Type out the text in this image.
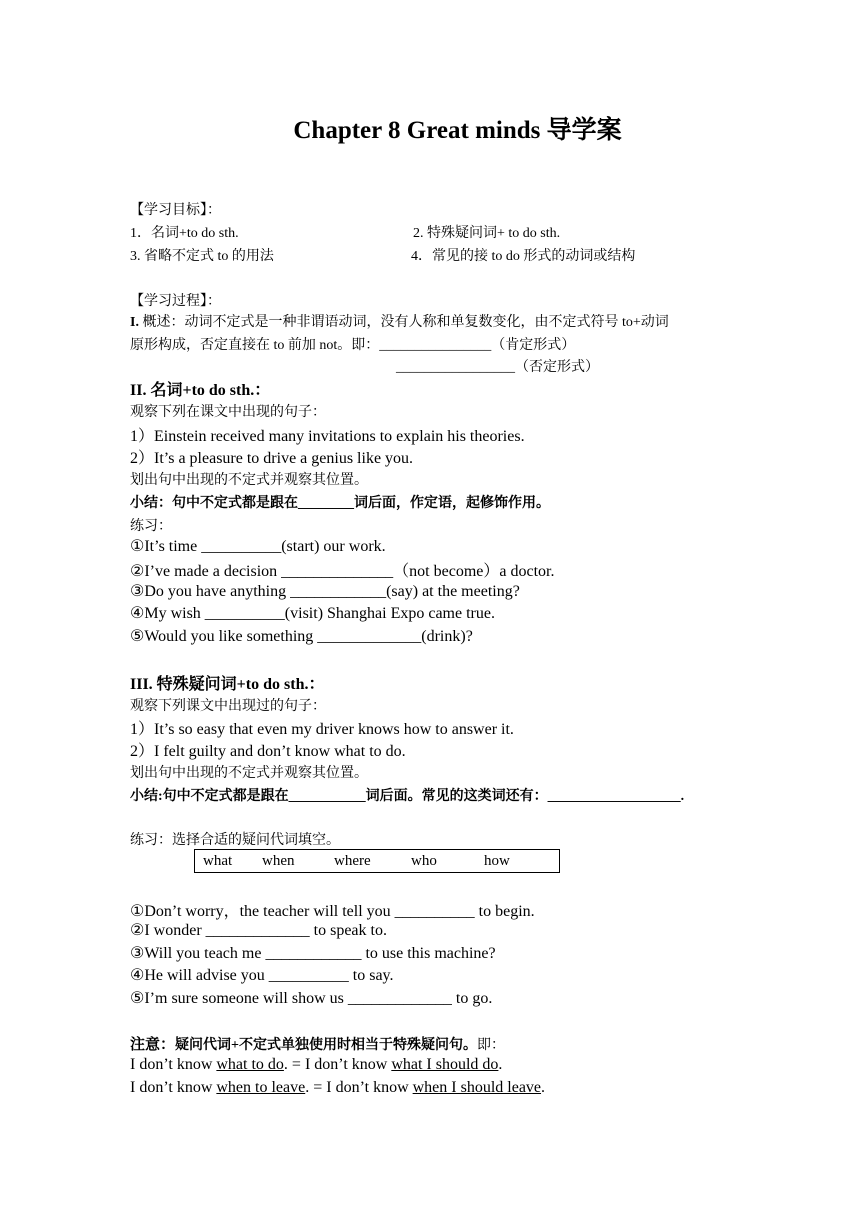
Chapter 8 Great minds 导学案
【学习目标】：
1．名词+to do sth.	2. 特殊疑问词+ to do sth.
3. 省略不定式 to 的用法	4．常见的接 to do 形式的动词或结构
【学习过程】：
I. 概述：动词不定式是一种非谓语动词，没有人称和单复数变化，由不定式符号 to+动词
原形构成，否定直接在 to 前加 not。即：________________（肯定形式）
_________________（否定形式）
II. 名词+to do sth.：
观察下列在课文中出现的句子：
1）Einstein received many invitations to explain his theories.
2）It’s a pleasure to drive a genius like you.
划出句中出现的不定式并观察其位置。
小结：句中不定式都是跟在________词后面，作定语，起修饰作用。
练习：
①It’s time __________(start) our work.
②I’ve made a decision ______________（not become）a doctor.
③Do you have anything ____________(say) at the meeting?
④My wish __________(visit) Shanghai Expo came true.
⑤Would you like something _____________(drink)?
III. 特殊疑问词+to do sth.：
观察下列课文中出现过的句子：
1）It’s so easy that even my driver knows how to answer it.
2）I felt guilty and don’t know what to do.
划出句中出现的不定式并观察其位置。
小结:句中不定式都是跟在___________词后面。常见的这类词还有：___________________.
练习：选择合适的疑问代词填空。
what when	where	who	how
①Don’t worry，the teacher will tell you __________ to begin.
②I wonder _____________ to speak to.
③Will you teach me ____________ to use this machine?
④He will advise you __________ to say.
⑤I’m sure someone will show us _____________ to go.
注意：疑问代词+不定式单独使用时相当于特殊疑问句。即：
I don’t know what to do. = I don’t know what I should do.
I don’t know when to leave. = I don’t know when I should leave.
